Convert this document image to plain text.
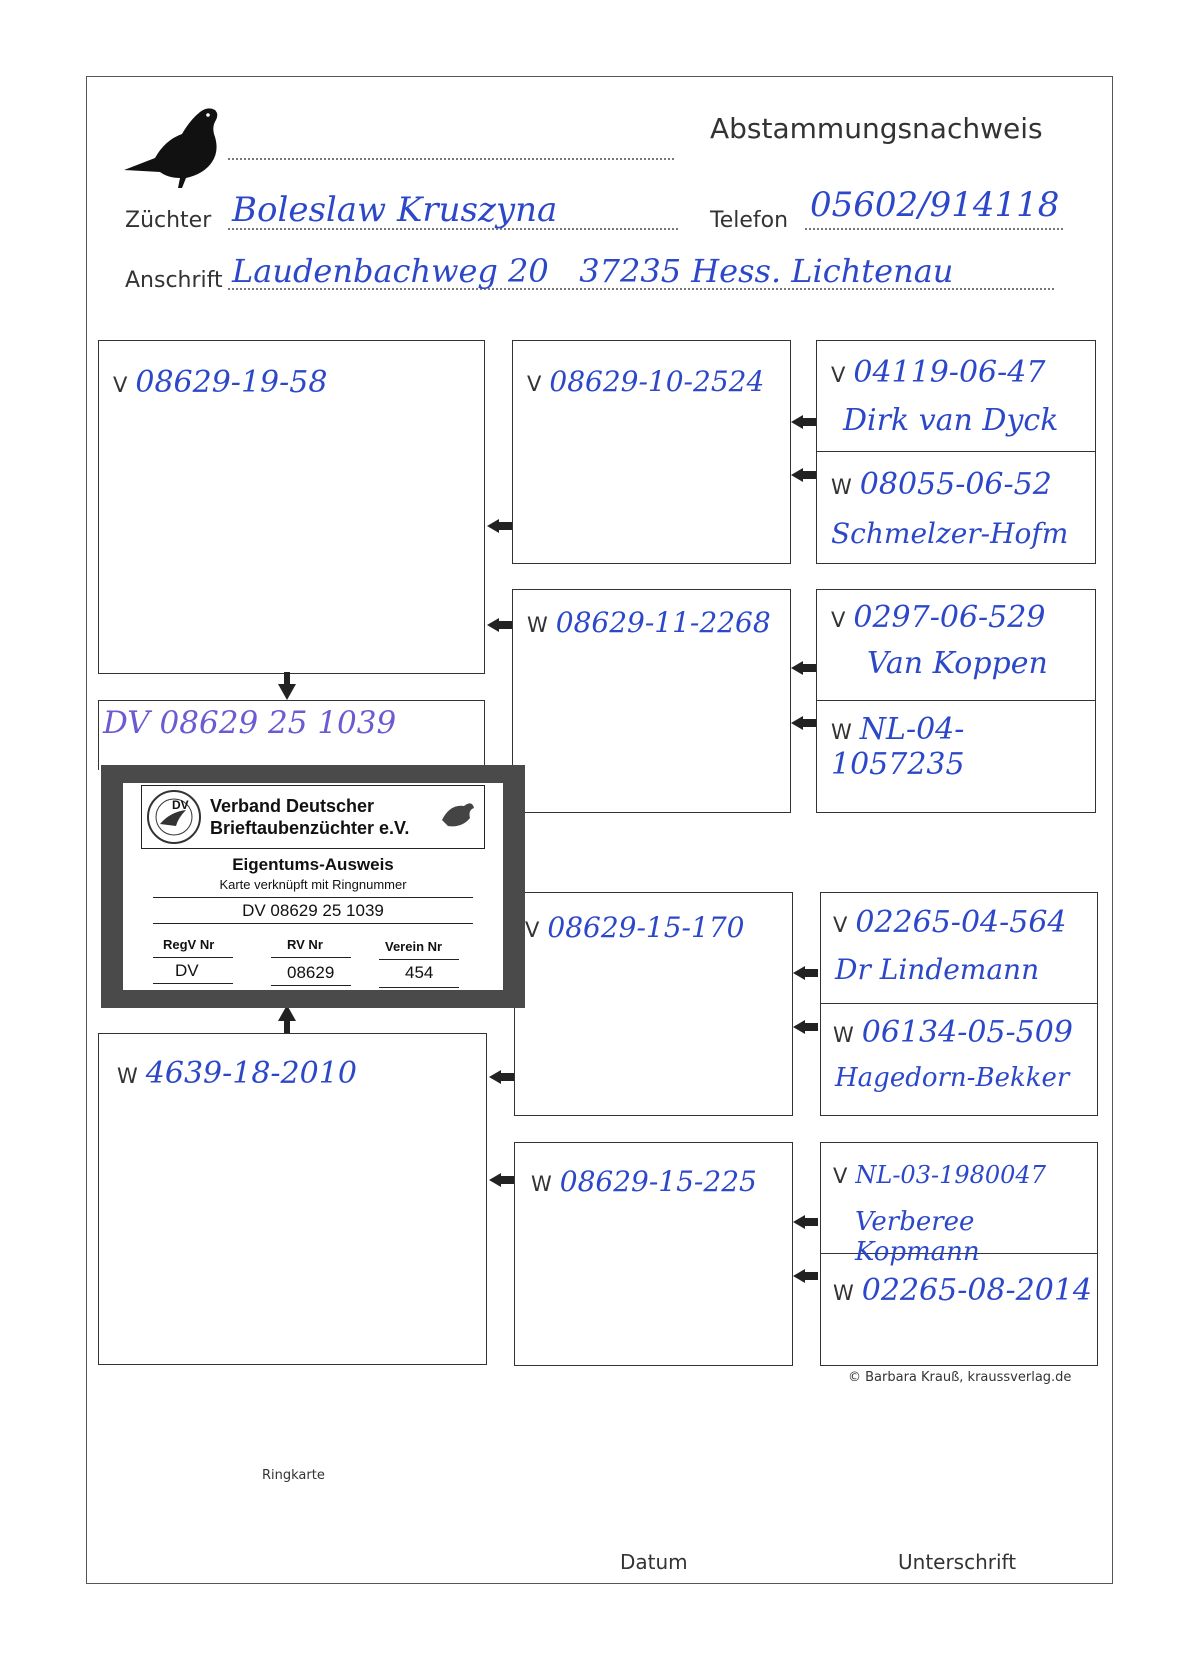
Abstammungsnachweis
Züchter Boleslaw Kruszyna	Telefon 05602/914118
Anschrift Laudenbachweg 20   37235 Hess. Lichtenau
V 08629-19-58
DV 08629 25 1039
W 4639-18-2010
V 08629-10-2524
W 08629-11-2268
V 08629-15-170
W 08629-15-225
V 04119-06-47
Dirk van Dyck
W 08055-06-52
Schmelzer-Hofm
V 0297-06-529
Van Koppen
W NL-04-1057235
V 02265-04-564
Dr Lindemann
W 06134-05-509
Hagedorn-Bekker
V NL-03-1980047
Verberee Kopmann
W 02265-08-2014
DV Verband Deutscher
Brieftaubenzüchter e.V.
Eigentums-Ausweis
Karte verknüpft mit Ringnummer
DV 08629 25 1039
RegV Nr	RV Nr	Verein Nr
DV	08629	454
© Barbara Krauß, kraussverlag.de
Ringkarte
Datum	Unterschrift
